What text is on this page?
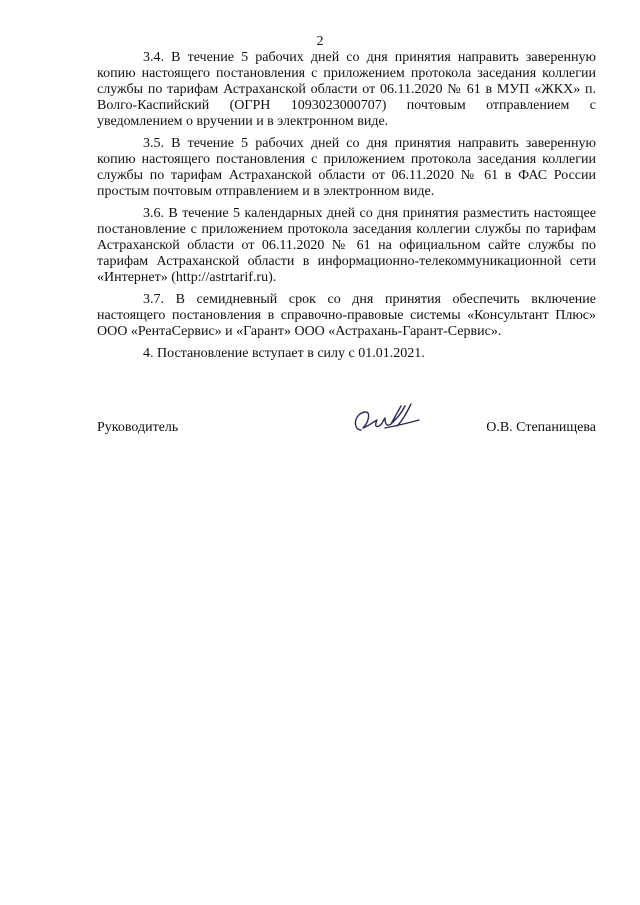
2

3.4. В течение 5 рабочих дней со дня принятия направить заверенную копию настоящего постановления с приложением протокола заседания коллегии службы по тарифам Астраханской области от 06.11.2020 № 61 в МУП «ЖКХ» п. Волго-Каспийский (ОГРН 1093023000707) почтовым отправлением с уведомлением о вручении и в электронном виде.

3.5. В течение 5 рабочих дней со дня принятия направить заверенную копию настоящего постановления с приложением протокола заседания коллегии службы по тарифам Астраханской области от 06.11.2020 № 61 в ФАС России простым почтовым отправлением и в электронном виде.

3.6. В течение 5 календарных дней со дня принятия разместить настоящее постановление с приложением протокола заседания коллегии службы по тарифам Астраханской области от 06.11.2020 № 61 на официальном сайте службы по тарифам Астраханской области в информационно-телекоммуникационной сети «Интернет» (http://astrtarif.ru).

3.7. В семидневный срок со дня принятия обеспечить включение настоящего постановления в справочно-правовые системы «Консультант Плюс» ООО «РентаСервис» и «Гарант» ООО «Астрахань-Гарант-Сервис».

4. Постановление вступает в силу с 01.01.2021.

Руководитель	О.В. Степанищева
